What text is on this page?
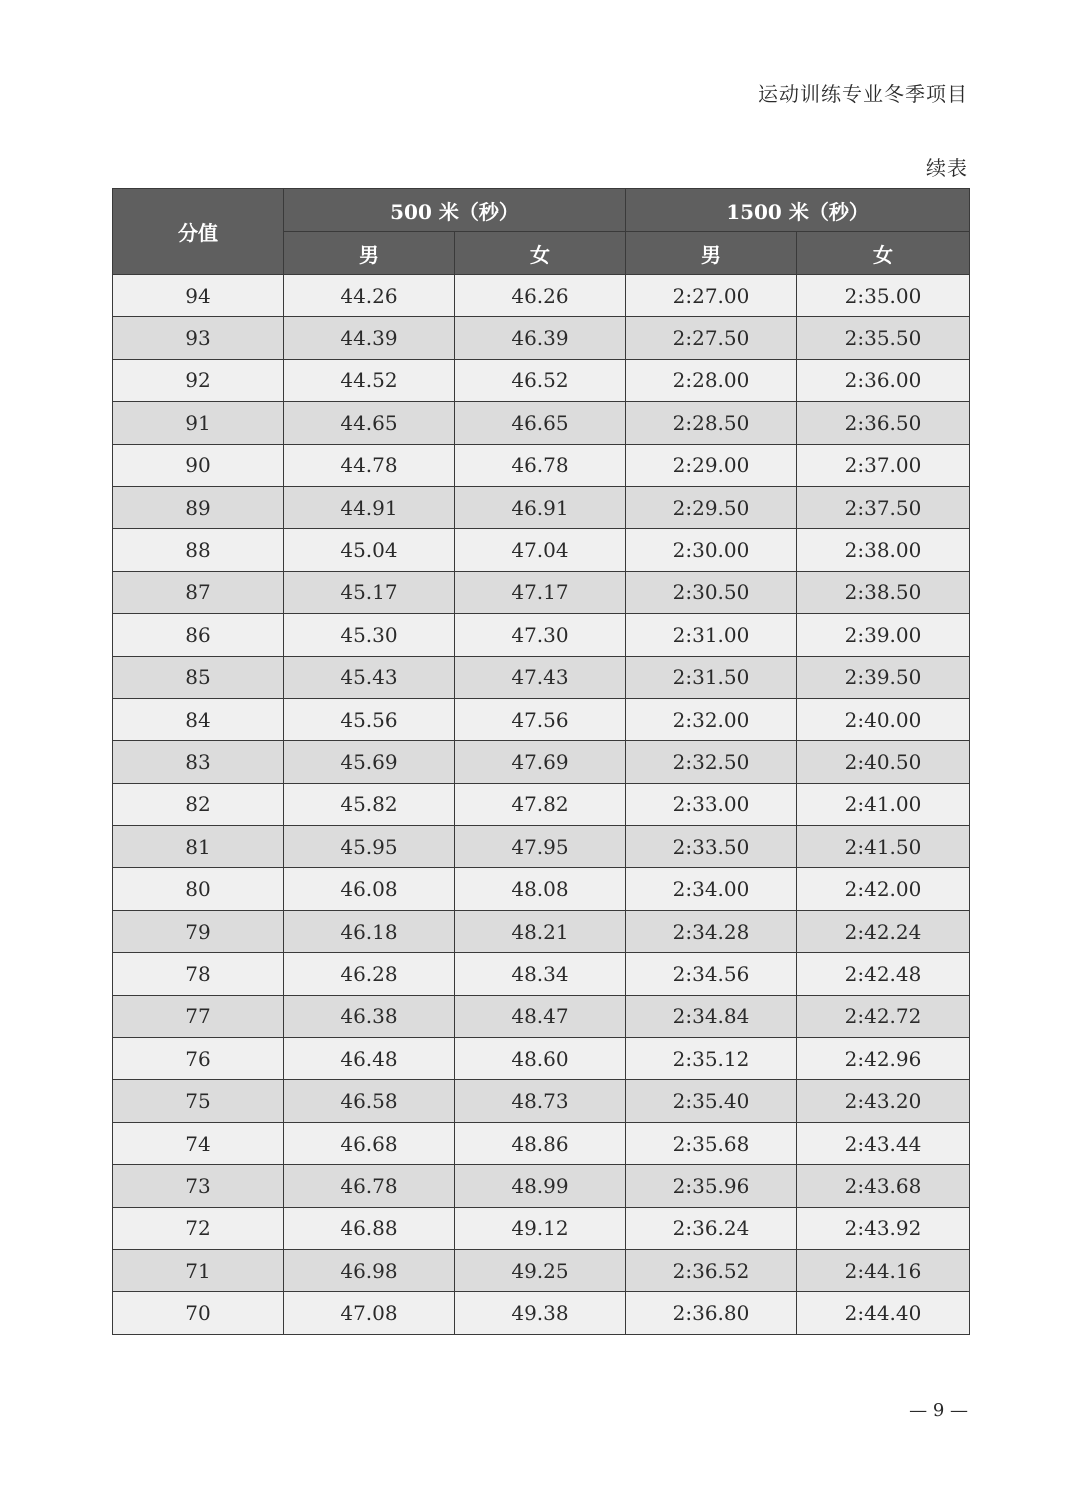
运动训练专业冬季项目
续表
分值	500 米（秒）		1500 米（秒）	
	男	女	男	女
94	44.26	46.26	2:27.00	2:35.00
93	44.39	46.39	2:27.50	2:35.50
92	44.52	46.52	2:28.00	2:36.00
91	44.65	46.65	2:28.50	2:36.50
90	44.78	46.78	2:29.00	2:37.00
89	44.91	46.91	2:29.50	2:37.50
88	45.04	47.04	2:30.00	2:38.00
87	45.17	47.17	2:30.50	2:38.50
86	45.30	47.30	2:31.00	2:39.00
85	45.43	47.43	2:31.50	2:39.50
84	45.56	47.56	2:32.00	2:40.00
83	45.69	47.69	2:32.50	2:40.50
82	45.82	47.82	2:33.00	2:41.00
81	45.95	47.95	2:33.50	2:41.50
80	46.08	48.08	2:34.00	2:42.00
79	46.18	48.21	2:34.28	2:42.24
78	46.28	48.34	2:34.56	2:42.48
77	46.38	48.47	2:34.84	2:42.72
76	46.48	48.60	2:35.12	2:42.96
75	46.58	48.73	2:35.40	2:43.20
74	46.68	48.86	2:35.68	2:43.44
73	46.78	48.99	2:35.96	2:43.68
72	46.88	49.12	2:36.24	2:43.92
71	46.98	49.25	2:36.52	2:44.16
70	47.08	49.38	2:36.80	2:44.40
— 9 —
